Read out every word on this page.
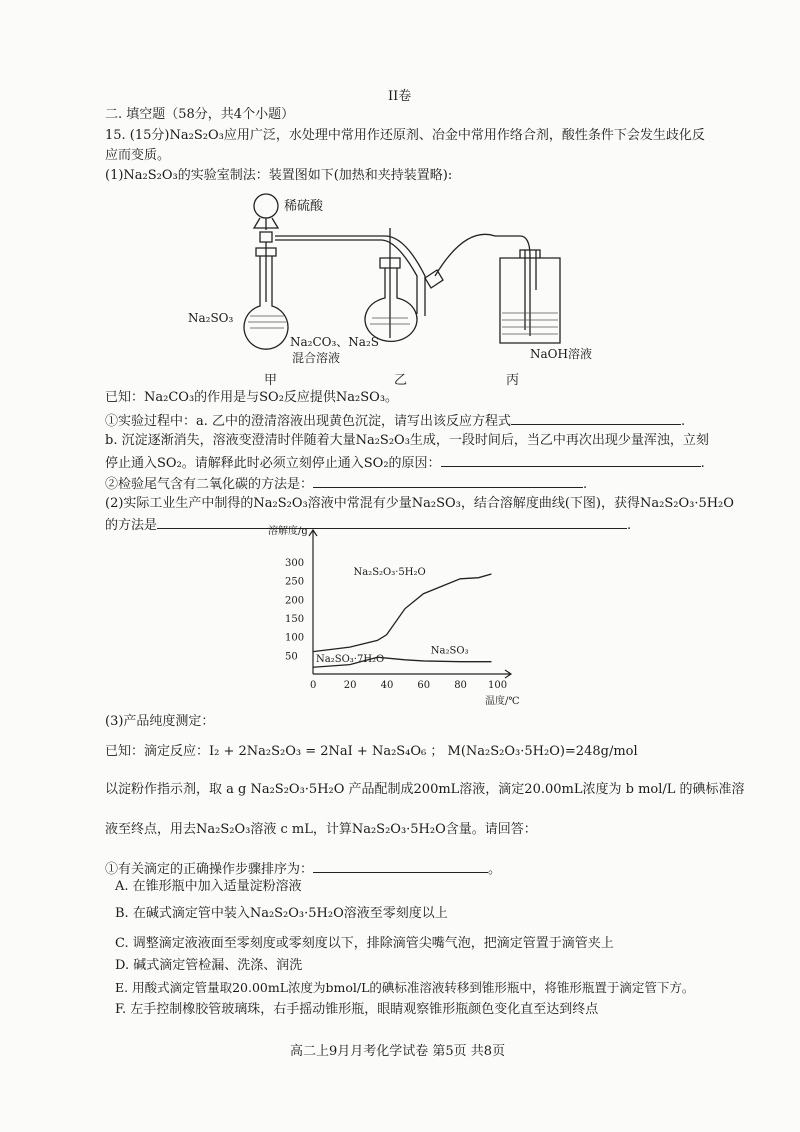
II卷
二. 填空题（58分，共4个小题）
15. (15分)Na₂S₂O₃应用广泛，水处理中常用作还原剂、冶金中常用作络合剂，酸性条件下会发生歧化反
应而变质。
(1)Na₂S₂O₃的实验室制法：装置图如下(加热和夹持装置略):
稀硫酸
Na₂SO₃
Na₂CO₃、Na₂S
混合溶液	NaOH溶液
甲	乙	丙
已知：Na₂CO₃的作用是与SO₂反应提供Na₂SO₃。
①实验过程中：a. 乙中的澄清溶液出现黄色沉淀，请写出该反应方程式	.
b. 沉淀逐渐消失，溶液变澄清时伴随着大量Na₂S₂O₃生成，一段时间后，当乙中再次出现少量浑浊，立刻
停止通入SO₂。请解释此时必须立刻停止通入SO₂的原因：	.
②检验尾气含有二氧化碳的方法是：	.
(2)实际工业生产中制得的Na₂S₂O₃溶液中常混有少量Na₂SO₃，结合溶解度曲线(下图)，获得Na₂S₂O₃·5H₂O
的方法是	.
溶解度/g
温度/℃
0	20 40 60 80 100
50
100
150
200
250
300
Na₂S₂O₃·5H₂O
Na₂SO₃·7H₂O
Na₂SO₃
(3)产品纯度测定：
已知：滴定反应：I₂ + 2Na₂S₂O₃ = 2NaI + Na₂S₄O₆ ； M(Na₂S₂O₃·5H₂O)=248g/mol
以淀粉作指示剂，取 a g Na₂S₂O₃·5H₂O 产品配制成200mL溶液，滴定20.00mL浓度为 b mol/L 的碘标准溶
液至终点，用去Na₂S₂O₃溶液 c mL，计算Na₂S₂O₃·5H₂O含量。请回答：
①有关滴定的正确操作步骤排序为：	。
A. 在锥形瓶中加入适量淀粉溶液
B. 在碱式滴定管中装入Na₂S₂O₃·5H₂O溶液至零刻度以上
C. 调整滴定液液面至零刻度或零刻度以下，排除滴管尖嘴气泡，把滴定管置于滴管夹上
D. 碱式滴定管检漏、洗涤、润洗
E. 用酸式滴定管量取20.00mL浓度为bmol/L的碘标准溶液转移到锥形瓶中，将锥形瓶置于滴定管下方。
F. 左手控制橡胶管玻璃珠，右手摇动锥形瓶，眼睛观察锥形瓶颜色变化直至达到终点
高二上9月月考化学试卷 第5页 共8页
